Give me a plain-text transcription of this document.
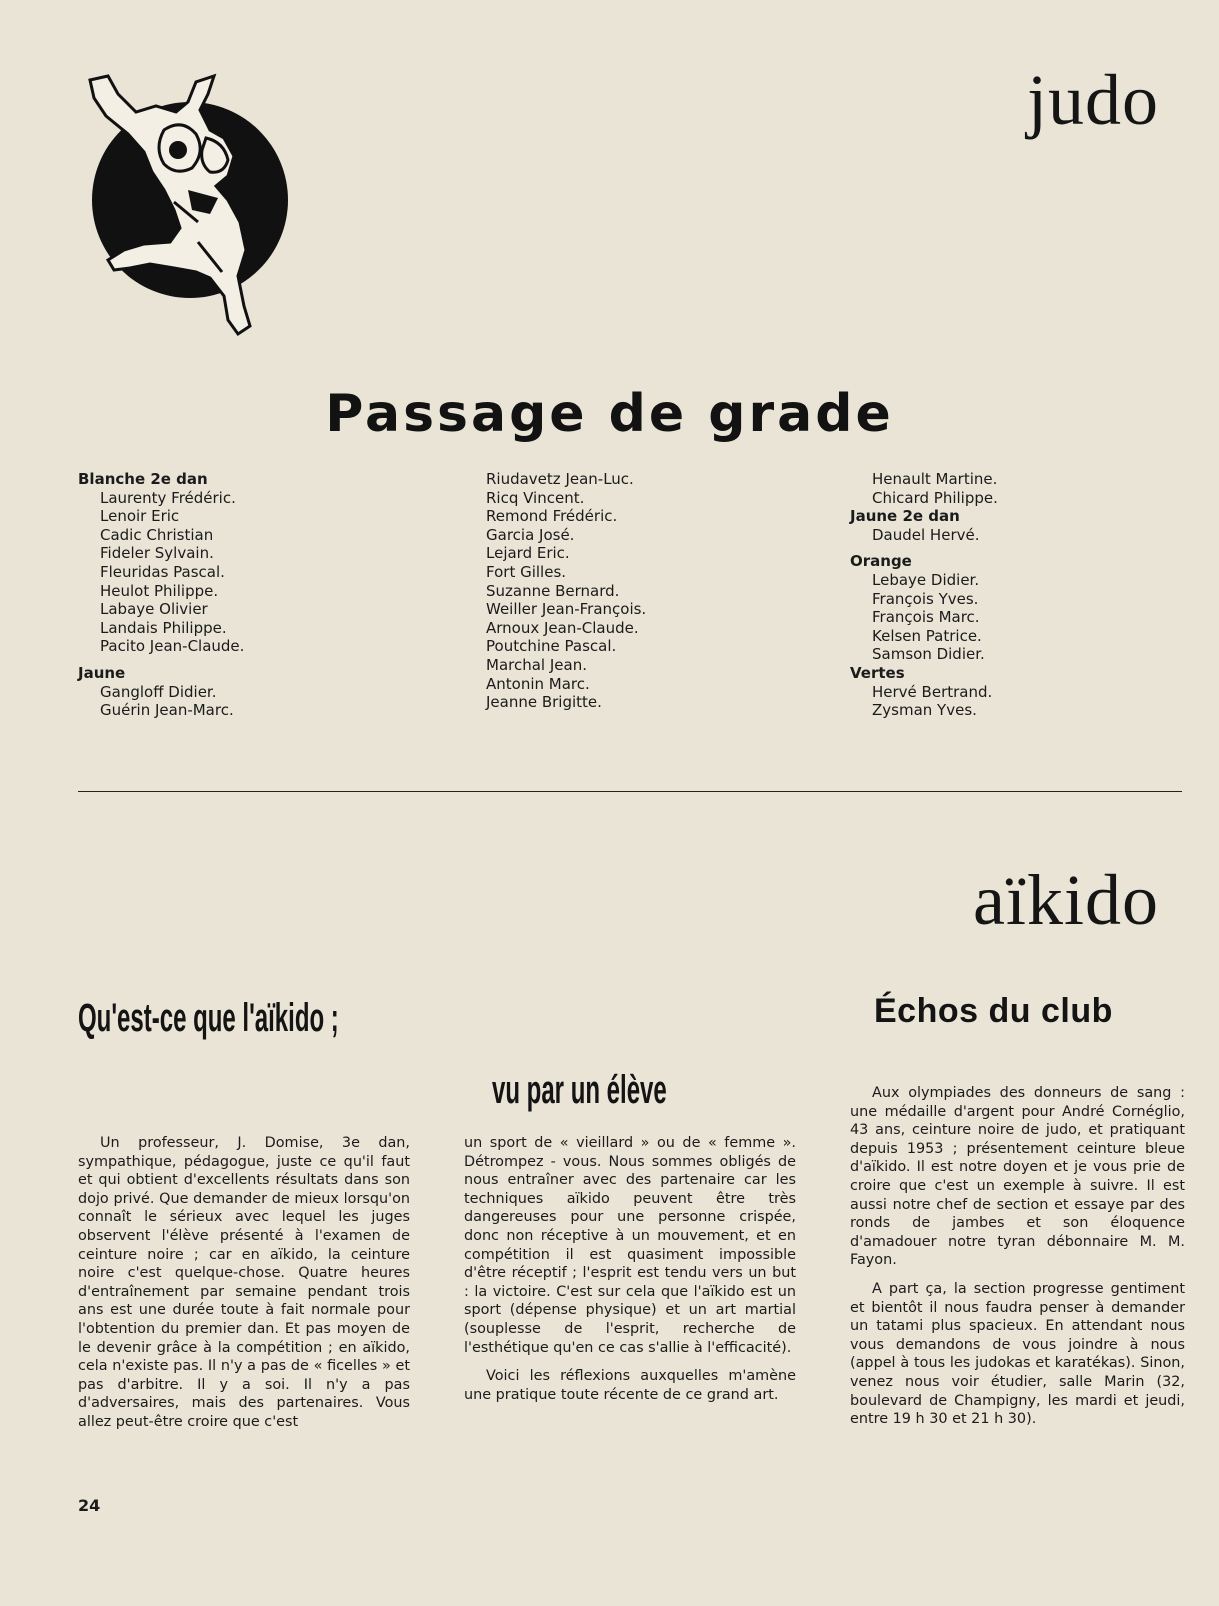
judo
Passage de grade
Blanche 2e dan
Laurenty Frédéric.
Lenoir Eric
Cadic Christian
Fideler Sylvain.
Fleuridas Pascal.
Heulot Philippe.
Labaye Olivier
Landais Philippe.
Pacito Jean-Claude.
Jaune
Gangloff Didier.
Guérin Jean-Marc.
Riudavetz Jean-Luc.
Ricq Vincent.
Remond Frédéric.
Garcia José.
Lejard Eric.
Fort Gilles.
Suzanne Bernard.
Weiller Jean-François.
Arnoux Jean-Claude.
Poutchine Pascal.
Marchal Jean.
Antonin Marc.
Jeanne Brigitte.
Henault Martine.
Chicard Philippe.
Jaune 2e dan
Daudel Hervé.
Orange
Lebaye Didier.
François Yves.
François Marc.
Kelsen Patrice.
Samson Didier.
Vertes
Hervé Bertrand.
Zysman Yves.
aïkido
Qu'est-ce que l'aïkido ;
vu par un élève
Échos du club

Un professeur, J. Domise, 3e dan, sympathique, pédagogue, juste ce qu'il faut et qui obtient d'excellents résultats dans son dojo privé. Que demander de mieux lorsqu'on connaît le sérieux avec lequel les juges observent l'élève présenté à l'examen de ceinture noire ; car en aïkido, la ceinture noire c'est quelque-chose. Quatre heures d'entraînement par semaine pendant trois ans est une durée toute à fait normale pour l'obtention du premier dan. Et pas moyen de le devenir grâce à la compétition ; en aïkido, cela n'existe pas. Il n'y a pas de « ficelles » et pas d'arbitre. Il y a soi. Il n'y a pas d'adversaires, mais des partenaires. Vous allez peut-être croire que c'est

un sport de « vieillard » ou de « femme ». Détrompez - vous. Nous sommes obligés de nous entraîner avec des partenaire car les techniques aïkido peuvent être très dangereuses pour une personne crispée, donc non réceptive à un mouvement, et en compétition il est quasiment impossible d'être réceptif ; l'esprit est tendu vers un but : la victoire. C'est sur cela que l'aïkido est un sport (dépense physique) et un art martial (souplesse de l'esprit, recherche de l'esthétique qu'en ce cas s'allie à l'efficacité).

Voici les réflexions auxquelles m'amène une pratique toute récente de ce grand art.

Aux olympiades des donneurs de sang : une médaille d'argent pour André Cornéglio, 43 ans, ceinture noire de judo, et pratiquant depuis 1953 ; présentement ceinture bleue d'aïkido. Il est notre doyen et je vous prie de croire que c'est un exemple à suivre. Il est aussi notre chef de section et essaye par des ronds de jambes et son éloquence d'amadouer notre tyran débonnaire M. M. Fayon.

A part ça, la section progresse gentiment et bientôt il nous faudra penser à demander un tatami plus spacieux. En attendant nous vous demandons de vous joindre à nous (appel à tous les judokas et karatékas). Sinon, venez nous voir étudier, salle Marin (32, boulevard de Champigny, les mardi et jeudi, entre 19 h 30 et 21 h 30).

24
